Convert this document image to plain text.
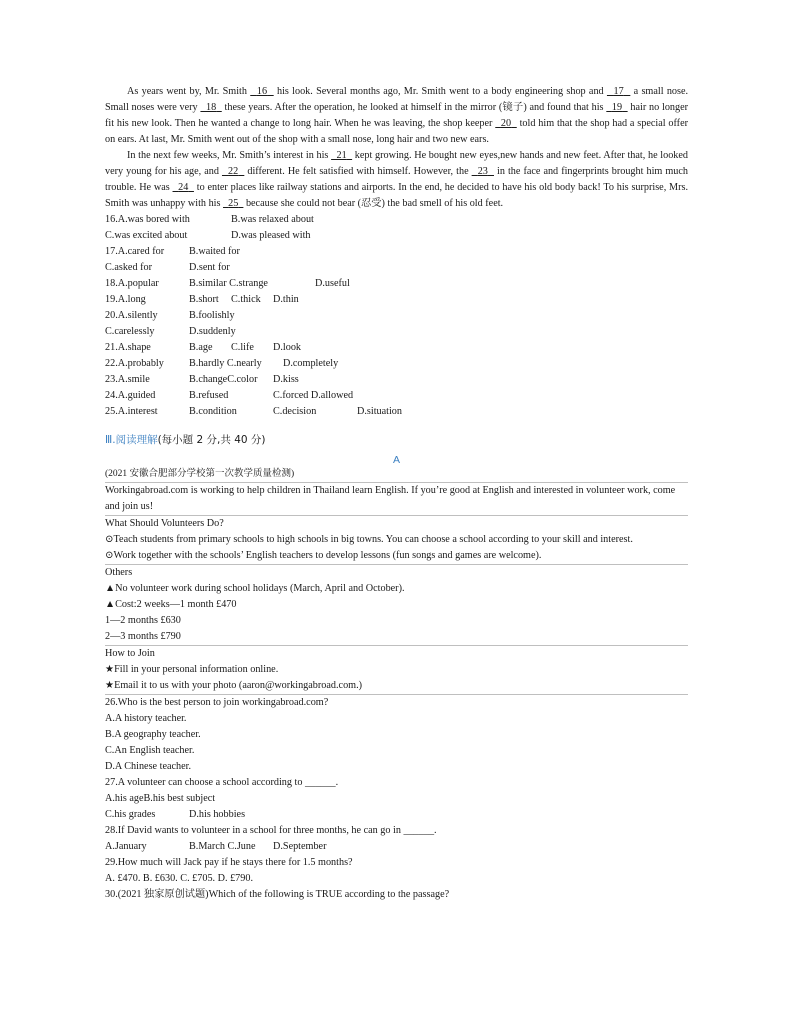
As years went by, Mr. Smith   16   his look. Several months ago, Mr. Smith went to a body engineering shop and   17   a small nose. Small noses were very   18   these years. After the operation, he looked at himself in the mirror (镜子) and found that his   19   hair no longer fit his new look. Then he wanted a change to long hair. When he was leaving, the shop keeper   20   told him that the shop had a special offer on ears. At last, Mr. Smith went out of the shop with a small nose, long hair and two new ears.

In the next few weeks, Mr. Smith’s interest in his   21   kept growing. He bought new eyes,new hands and new feet. After that, he looked very young for his age, and   22   different. He felt satisfied with himself. However, the   23   in the face and fingerprints brought him much trouble. He was   24   to enter places like railway stations and airports. In the end, he decided to have his old body back! To his surprise, Mrs. Smith was unhappy with his   25   because she could not bear (忍受) the bad smell of his old feet.

16.A.was bored with	B.was relaxed about
C.was excited about	D.was pleased with
17.A.cared for B.waited for
C.asked for	D.sent for
18.A.popular	B.similar C.strange	D.useful
19.A.long	B.short C.thick D.thin
20.A.silently	B.foolishly
C.carelessly	D.suddenly
21.A.shape	B.age C.life D.look
22.A.probably B.hardly C.nearly D.completely
23.A.smile	B.changeC.color D.kiss
24.A.guided	B.refused	C.forced D.allowed
25.A.interest	B.condition	C.decision	D.situation
Ⅲ.阅读理解(每小题 2 分,共 40 分)
A
(2021 安徽合肥部分学校第一次教学质量检测)
Workingabroad.com is working to help children in Thailand learn English. If you’re good at English and interested in volunteer work, come and join us!
What Should Volunteers Do?
⊙Teach students from primary schools to high schools in big towns. You can choose a school according to your skill and interest.
⊙Work together with the schools’ English teachers to develop lessons (fun songs and games are welcome).
Others
▲No volunteer work during school holidays (March, April and October).
▲Cost:2 weeks—1 month £470
1—2 months £630
2—3 months £790
How to Join
★Fill in your personal information online.
★Email it to us with your photo (aaron@workingabroad.com.)
26.Who is the best person to join workingabroad.com?
A.A history teacher.
B.A geography teacher.
C.An English teacher.
D.A Chinese teacher.
27.A volunteer can choose a school according to ______.
A.his ageB.his best subject
C.his grades	D.his hobbies
28.If David wants to volunteer in a school for three months, he can go in ______.
A.January	B.March C.June D.September
29.How much will Jack pay if he stays there for 1.5 months?
A. £470. B. £630. C. £705. D. £790.
30.(2021 独家原创试题)Which of the following is TRUE according to the passage?
